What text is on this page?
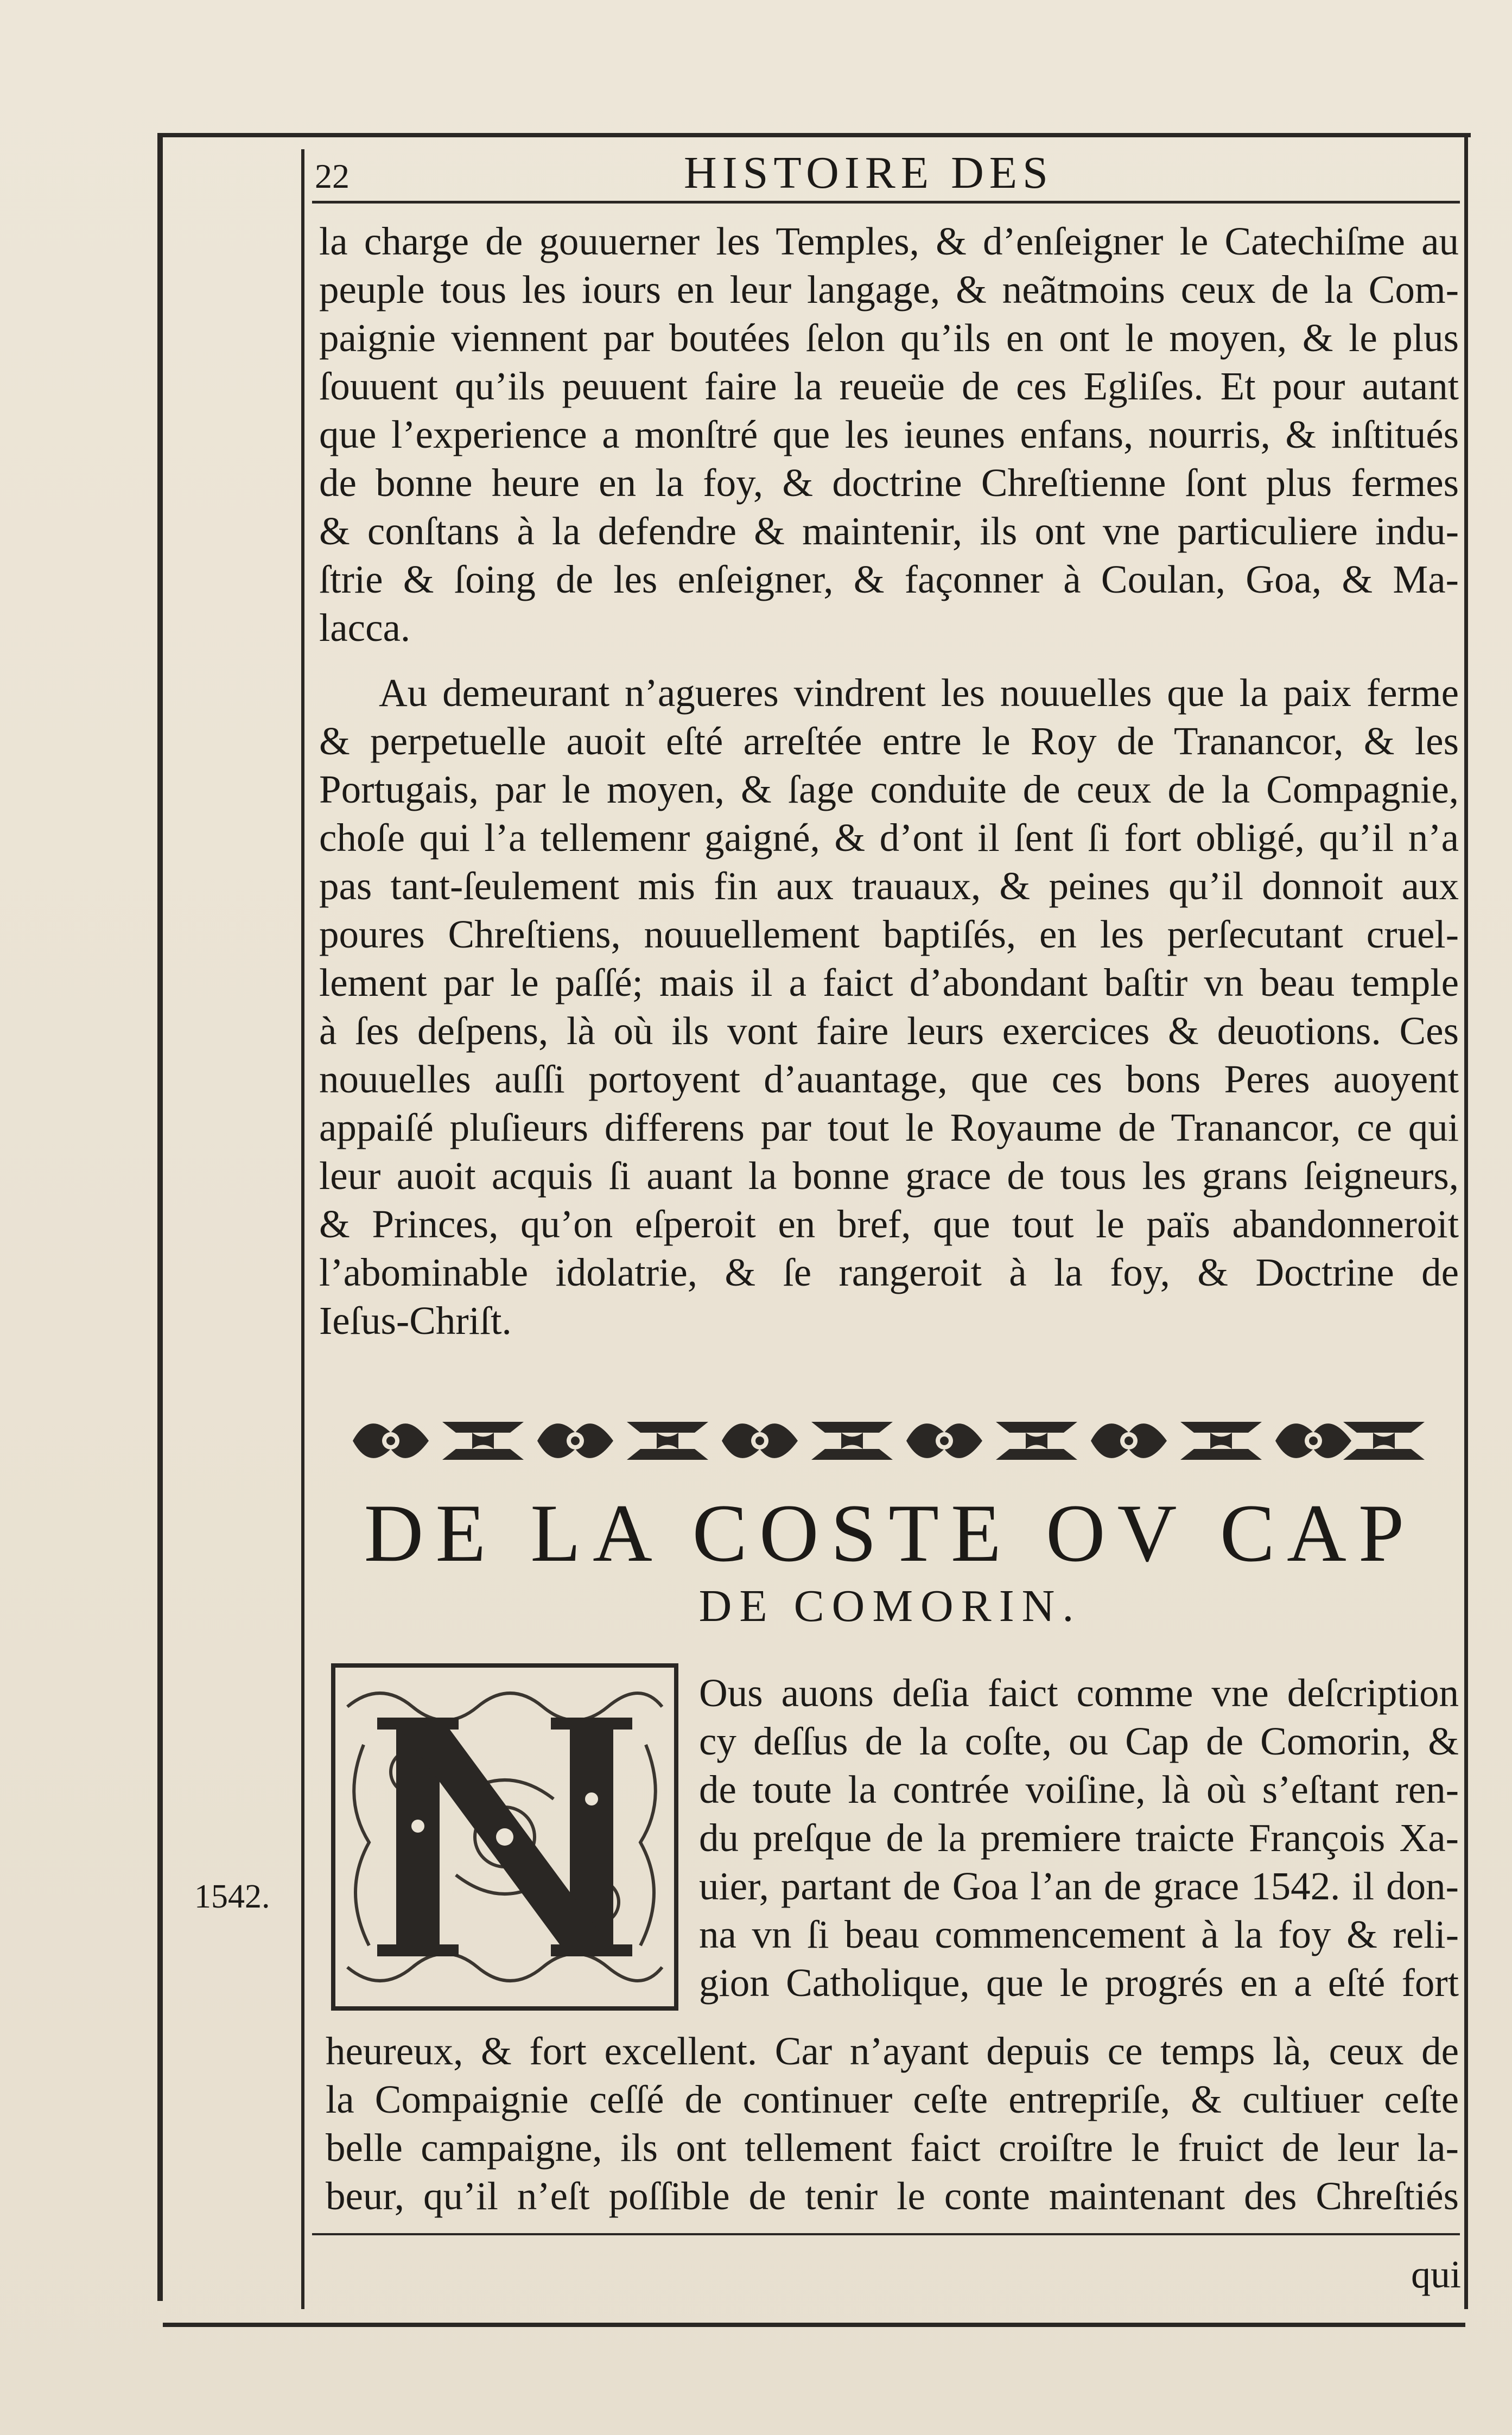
22	HISTOIRE DES
la charge de gouuerner les Temples, & d’enſeigner le Catechiſme au
peuple tous les iours en leur langage, & neãtmoins ceux de la Com-
paignie viennent par boutées ſelon qu’ils en ont le moyen, & le plus
ſouuent qu’ils peuuent faire la reueüe de ces Egliſes. Et pour autant
que l’experience a monſtré que les ieunes enfans, nourris, & inſtitués
de bonne heure en la foy, & doctrine Chreſtienne ſont plus fermes
& conſtans à la defendre & maintenir, ils ont vne particuliere indu-
ſtrie & ſoing de les enſeigner, & façonner à Coulan, Goa, & Ma-
lacca.
Au demeurant n’agueres vindrent les nouuelles que la paix ferme
& perpetuelle auoit eſté arreſtée entre le Roy de Tranancor, & les
Portugais, par le moyen, & ſage conduite de ceux de la Compagnie,
choſe qui l’a tellemenr gaigné, & d’ont il ſent ſi fort obligé, qu’il n’a
pas tant-ſeulement mis fin aux trauaux, & peines qu’il donnoit aux
poures Chreſtiens, nouuellement baptiſés, en les perſecutant cruel-
lement par le paſſé; mais il a faict d’abondant baſtir vn beau temple
à ſes deſpens, là où ils vont faire leurs exercices & deuotions. Ces
nouuelles auſſi portoyent d’auantage, que ces bons Peres auoyent
appaiſé pluſieurs differens par tout le Royaume de Tranancor, ce qui
leur auoit acquis ſi auant la bonne grace de tous les grans ſeigneurs,
& Princes, qu’on eſperoit en bref, que tout le païs abandonneroit
l’abominable idolatrie, & ſe rangeroit à la foy, & Doctrine de
Ieſus-Chriſt.
DE LA COSTE OV CAP
DE COMORIN.
Ous auons deſia faict comme vne deſcription
cy deſſus de la coſte, ou Cap de Comorin, &
de toute la contrée voiſine, là où s’eſtant ren-
du preſque de la premiere traicte François Xa-
uier, partant de Goa l’an de grace 1542. il don-
na vn ſi beau commencement à la foy & reli-
gion Catholique, que le progrés en a eſté fort
heureux, & fort excellent. Car n’ayant depuis ce temps là, ceux de
la Compaignie ceſſé de continuer ceſte entrepriſe, & cultiuer ceſte
belle campaigne, ils ont tellement faict croiſtre le fruict de leur la-
beur, qu’il n’eſt poſſible de tenir le conte maintenant des Chreſtiés
1542.
qui
